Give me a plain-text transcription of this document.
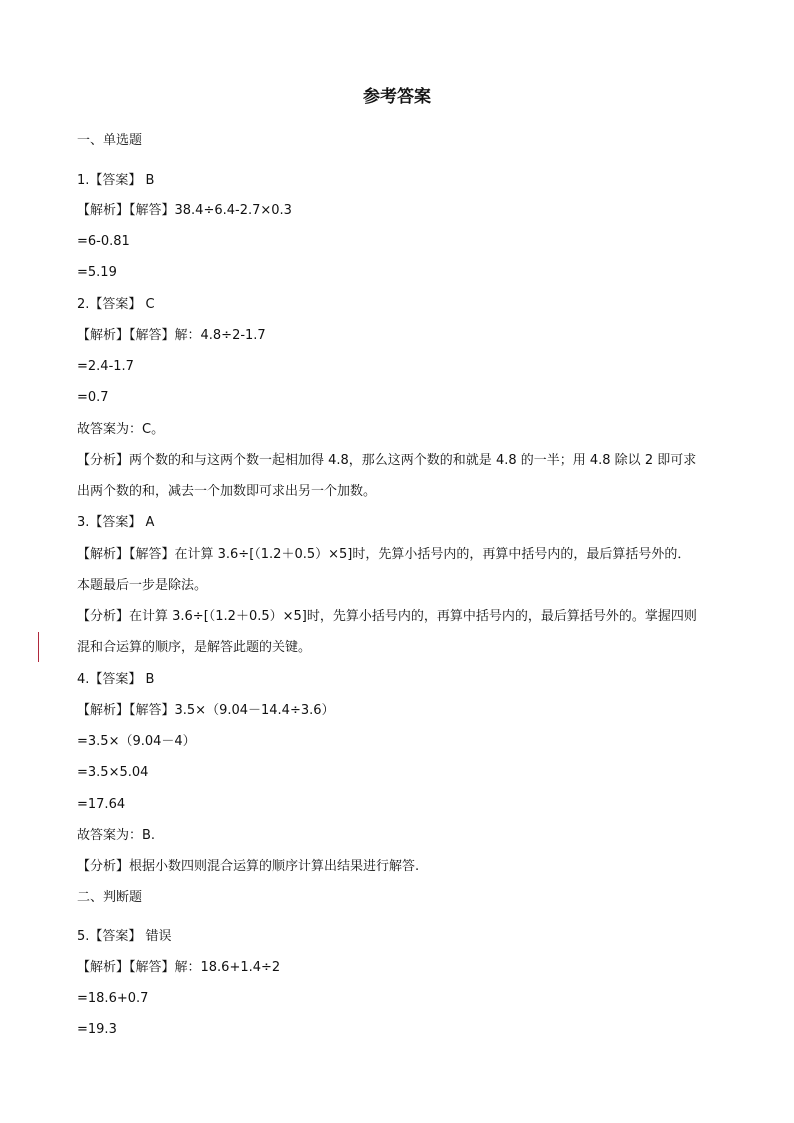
参考答案
一、单选题
1.【答案】 B
【解析】【解答】38.4÷6.4-2.7×0.3
=6-0.81
=5.19
2.【答案】 C
【解析】【解答】解：4.8÷2-1.7
=2.4-1.7
=0.7
故答案为：C。
【分析】两个数的和与这两个数一起相加得 4.8，那么这两个数的和就是 4.8 的一半；用 4.8 除以 2 即可求
出两个数的和，减去一个加数即可求出另一个加数。
3.【答案】 A
【解析】【解答】在计算 3.6÷[（1.2＋0.5）×5]时，先算小括号内的，再算中括号内的，最后算括号外的．
本题最后一步是除法。
【分析】在计算 3.6÷[（1.2＋0.5）×5]时，先算小括号内的，再算中括号内的，最后算括号外的。掌握四则
混和合运算的顺序，是解答此题的关键。
4.【答案】 B
【解析】【解答】3.5×（9.04－14.4÷3.6）
=3.5×（9.04－4）
=3.5×5.04
=17.64
故答案为：B.
【分析】根据小数四则混合运算的顺序计算出结果进行解答.
二、判断题
5.【答案】 错误
【解析】【解答】解：18.6+1.4÷2
=18.6+0.7
=19.3
